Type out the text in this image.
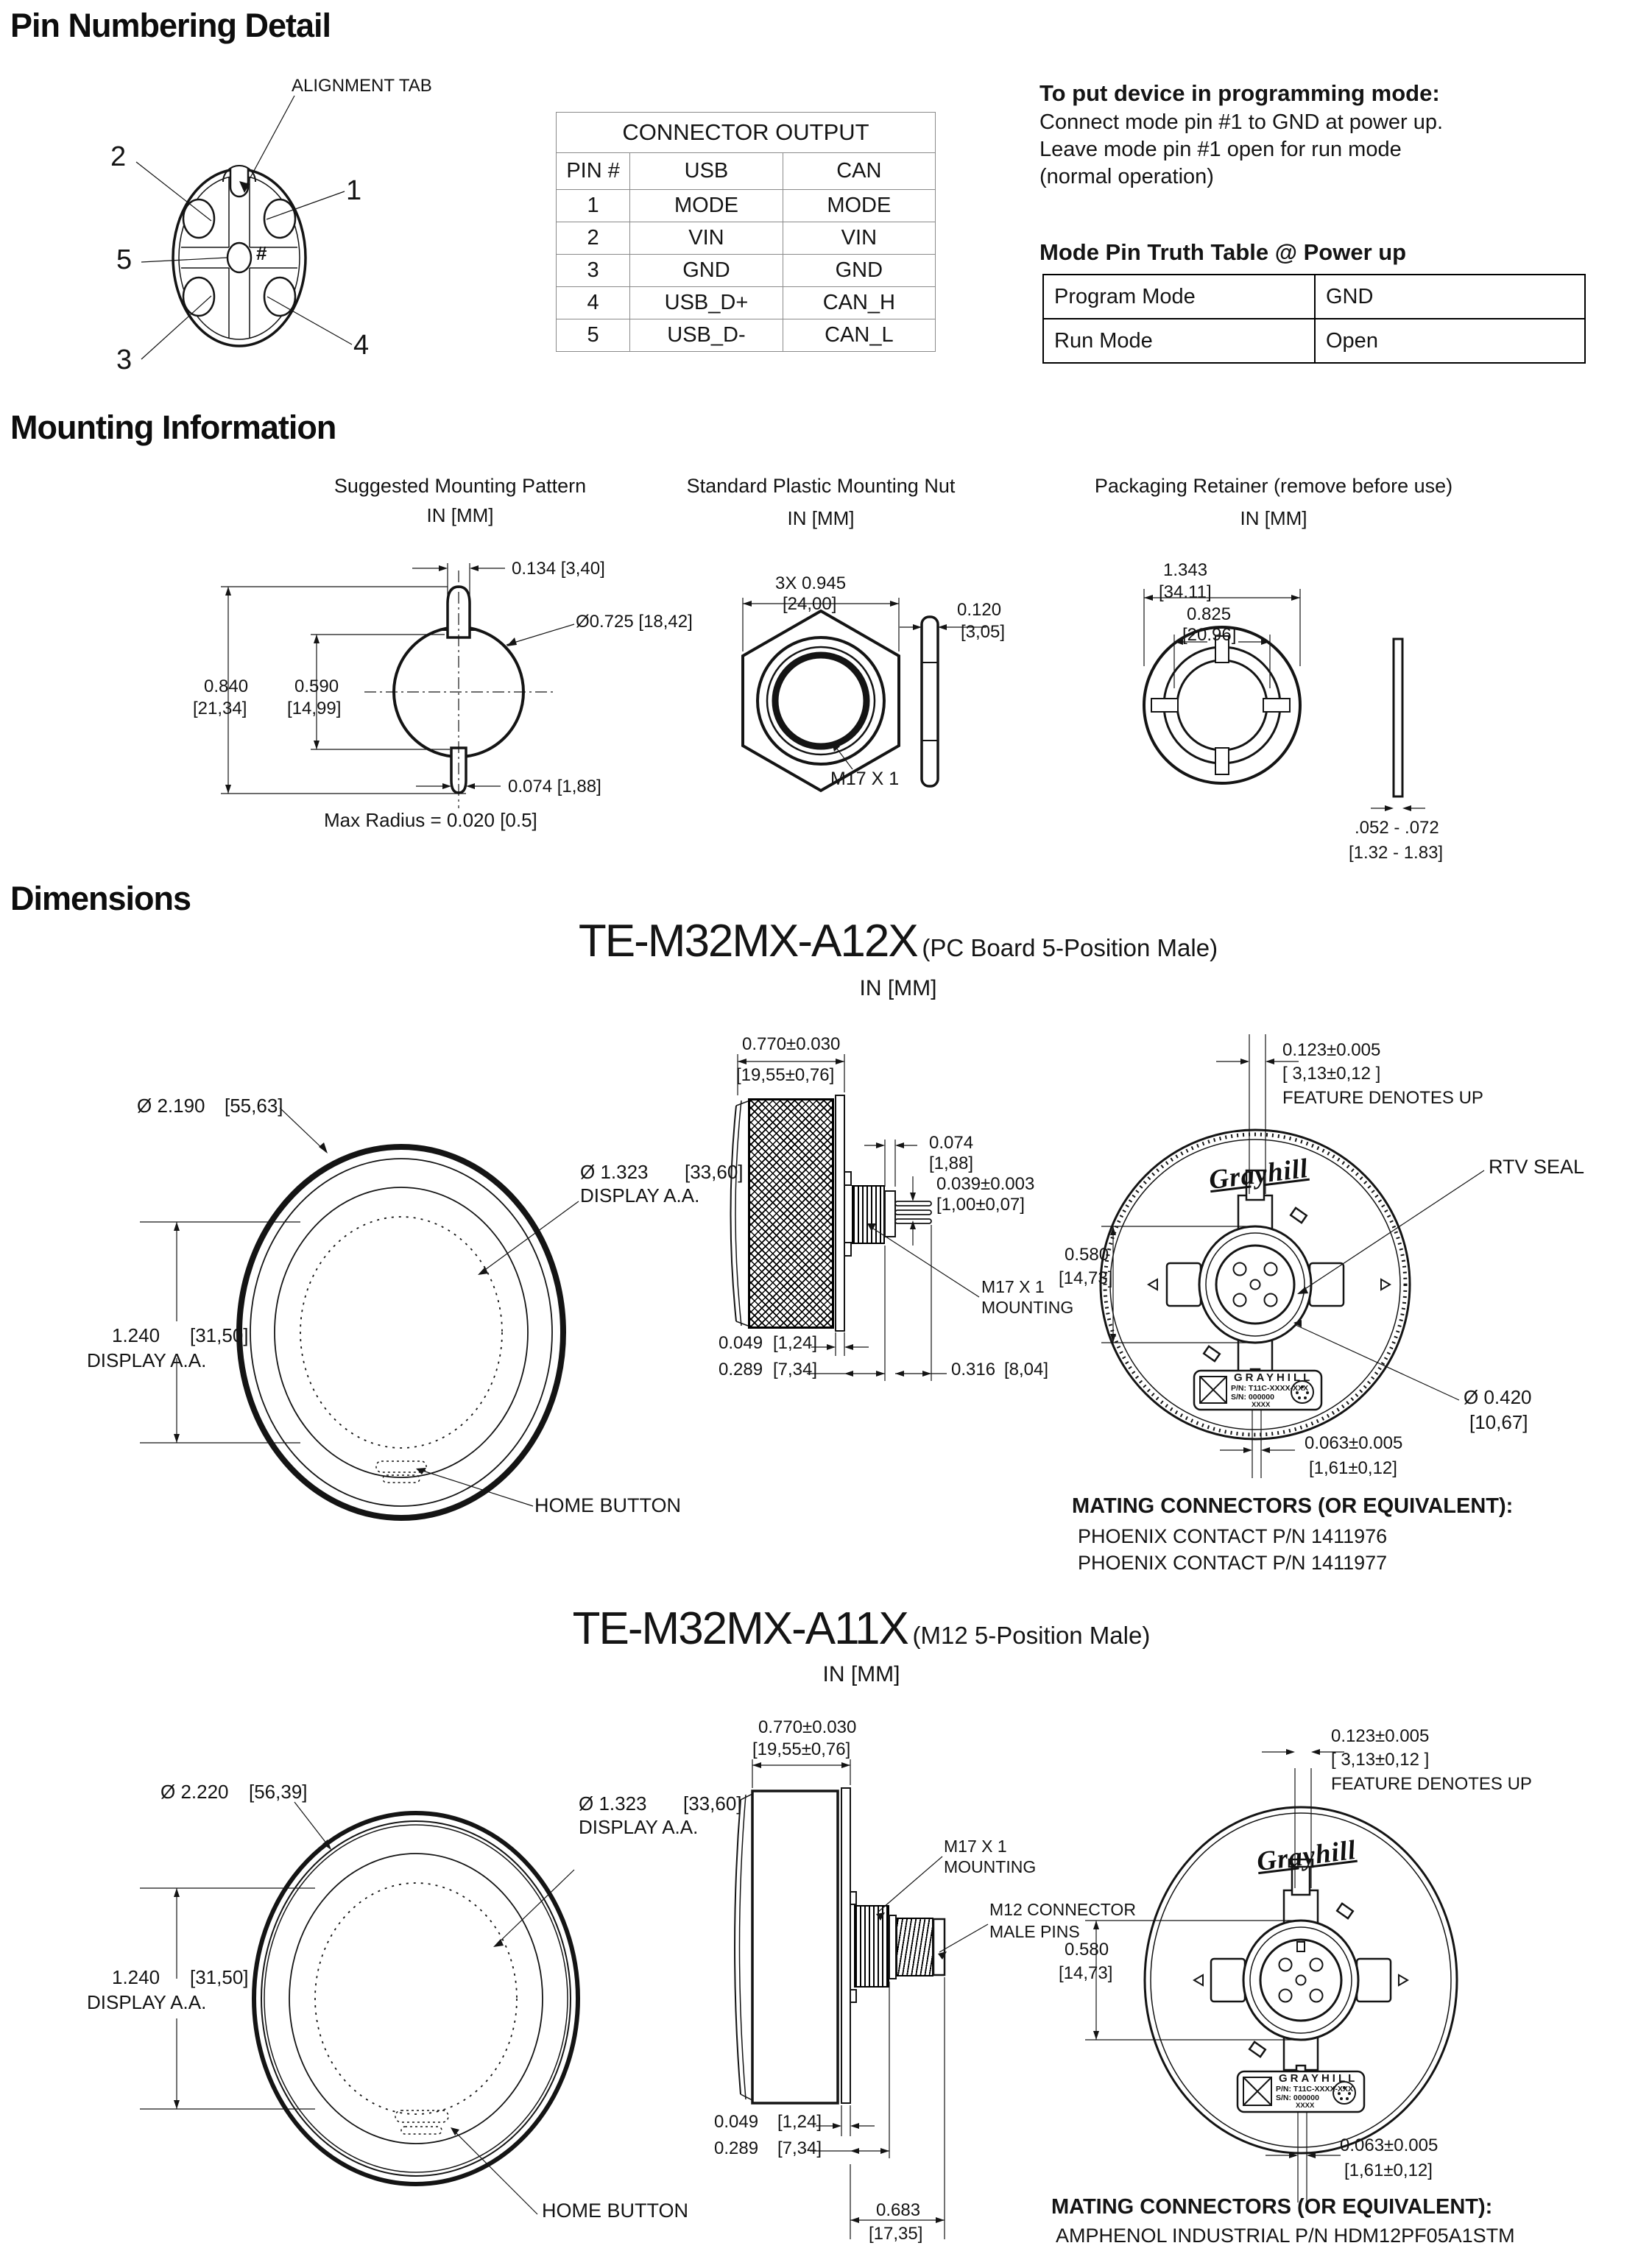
Pin Numbering Detail
ALIGNMENT TAB
2
1
5
3	4
#
CONNECTOR OUTPUT		
PIN #	USB	CAN
1	MODE	MODE
2	VIN	VIN
3	GND	GND
4	USB_D+	CAN_H
5	USB_D-	CAN_L
To put device in programming mode:
Connect mode pin #1 to GND at power up.
Leave mode pin #1 open for run mode
(normal operation)
Mode Pin Truth Table @ Power up
Program Mode	GND
Run Mode	Open
Mounting Information
Suggested Mounting Pattern
IN [MM]
Standard Plastic Mounting Nut
IN [MM]
Packaging Retainer (remove before use)
IN [MM]
0.134 [3,40]
Ø0.725 [18,42]
0.840
[21,34]
0.590
[14,99]
0.074 [1,88]
Max Radius = 0.020 [0.5]
3X 0.945
[24,00]	0.120
[3,05]
M17 X 1
1.343
[34.11]
0.825
[20.96]
.052 - .072
[1.32 - 1.83]
Dimensions
TE-M32MX-A12X (PC Board 5-Position Male)
IN [MM]
Ø 2.190 [55,63]
Ø 1.323 [33,60]
DISPLAY A.A.
1.240 [31,50]
DISPLAY A.A.
HOME BUTTON
0.770±0.030
[19,55±0,76]
0.074
[1,88]
0.039±0.003
[1,00±0,07]
M17 X 1
MOUNTING
0.049 [1,24]
0.289 [7,34]	0.316 [8,04]
0.123±0.005
[ 3,13±0,12 ]
FEATURE DENOTES UP
RTV SEAL
0.580
[14,73]
Ø 0.420
[10,67]
0.063±0.005
[1,61±0,12]
Grayhill
GRAYHILL
P/N: T11C-XXXX-XXX
S/N: 000000
XXXX
MATING CONNECTORS (OR EQUIVALENT):
PHOENIX CONTACT P/N 1411976
PHOENIX CONTACT P/N 1411977
TE-M32MX-A11X (M12 5-Position Male)
IN [MM]
Ø 2.220 [56,39]
Ø 1.323 [33,60]
DISPLAY A.A.
1.240 [31,50]
DISPLAY A.A.
HOME BUTTON
0.770±0.030
[19,55±0,76]
M17 X 1
MOUNTING
M12 CONNECTOR
MALE PINS
0.049 [1,24]
0.289 [7,34]
0.683
[17,35]
0.123±0.005
[ 3,13±0,12 ]
FEATURE DENOTES UP
0.580
[14,73]
0.063±0.005
[1,61±0,12]
Grayhill
GRAYHILL
P/N: T11C-XXXX-XXX
S/N: 000000
XXXX
MATING CONNECTORS (OR EQUIVALENT):
AMPHENOL INDUSTRIAL P/N HDM12PF05A1STM
